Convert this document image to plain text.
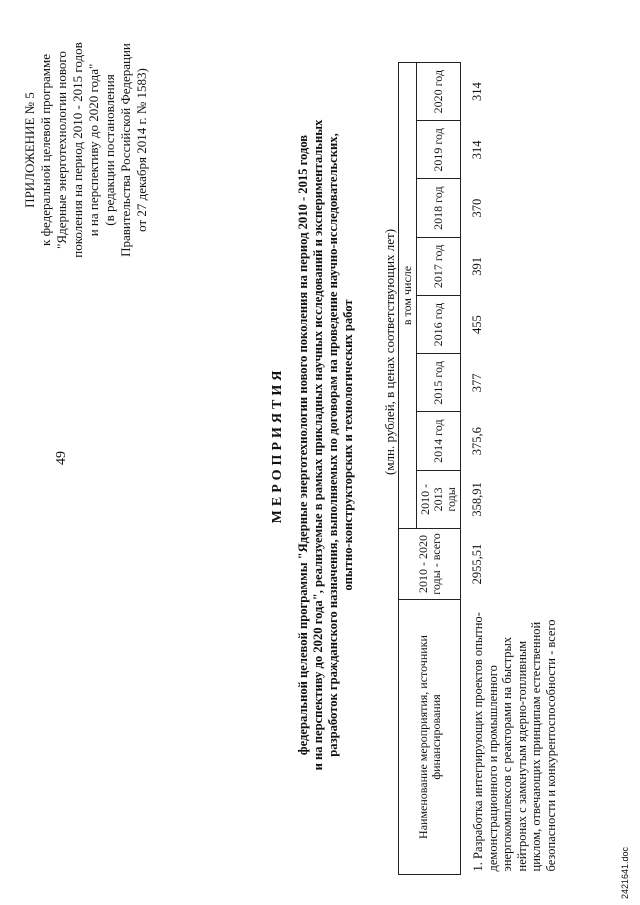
49
ПРИЛОЖЕНИЕ № 5 к федеральной целевой программе "Ядерные энерготехнологии нового поколения на период 2010 - 2015 годов и на перспективу до 2020 года" (в редакции постановления Правительства Российской Федерации от 27 декабря 2014 г. № 1583)
МЕРОПРИЯТИЯ федеральной целевой программы "Ядерные энерготехнологии нового поколения на период 2010 - 2015 годов и на перспективу до 2020 года", реализуемые в рамках прикладных научных исследований и экспериментальных разработок гражданского назначения, выполняемых по договорам на проведение научно-исследовательских, опытно-конструкторских и технологических работ (млн. рублей, в ценах соответствующих лет)
Наименование мероприятия, источники финансирования	2010 - 2020 годы - всего	в том числе							
		2010 - 2013 годы	2014 год	2015 год	2016 год	2017 год	2018 год	2019 год	2020 год
1. Разработка интегрирующих проектов опытно-демонстрационного и промышленного энергокомплексов с реакторами на быстрых нейтронах с замкнутым ядерно-топливным циклом, отвечающих принципам естественной безопасности и конкурентоспособности - всего	2955,51	358,91	375,6	377	455	391	370	314	314
2421641.doc
